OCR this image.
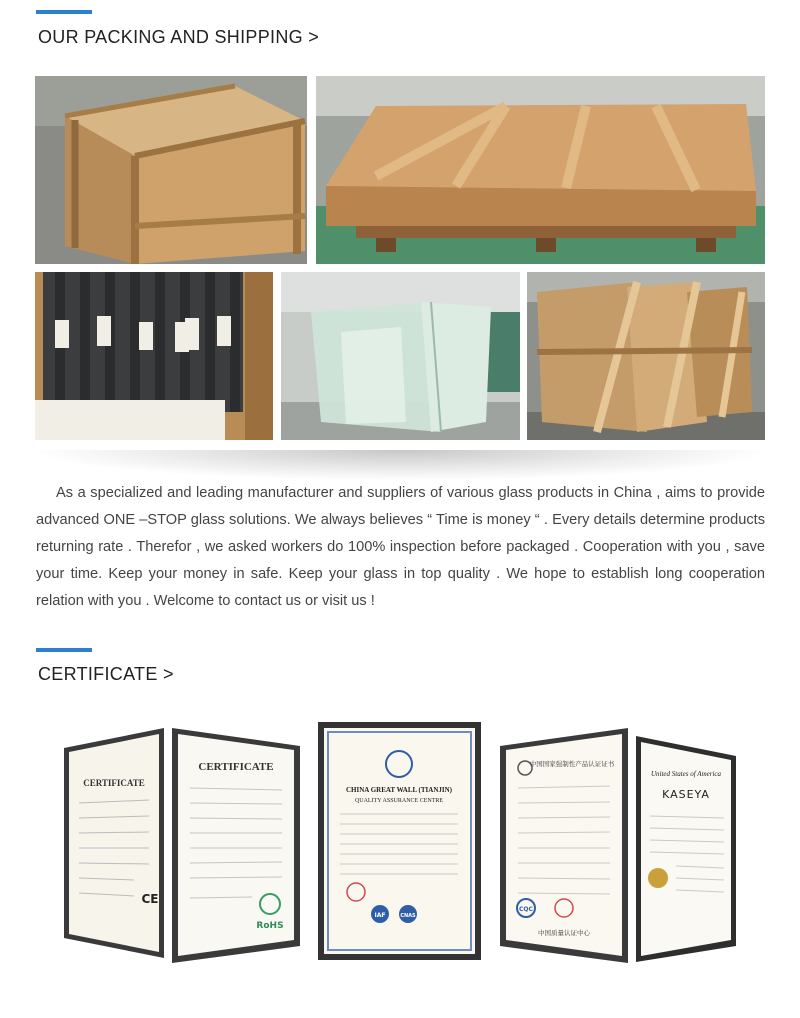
OUR PACKING AND SHIPPING >

As a specialized and leading manufacturer and suppliers of various glass products in China , aims to provide advanced ONE –STOP glass solutions. We always believes “ Time is money “ . Every details determine products returning rate . Therefor , we asked workers do 100% inspection before packaged . Cooperation with you , save your time. Keep your money in safe. Keep your glass in top quality . We hope to establish long cooperation relation with you . Welcome to contact us or visit us !

CERTIFICATE >
CERTIFICATE
CE
CERTIFICATE
RoHS
CHINA GREAT WALL (TIANJIN)
QUALITY ASSURANCE CENTRE
IAF	CNAS
中国国家强制性产品认证证书
CQC
中国质量认证中心
United States of America
KASEYA
